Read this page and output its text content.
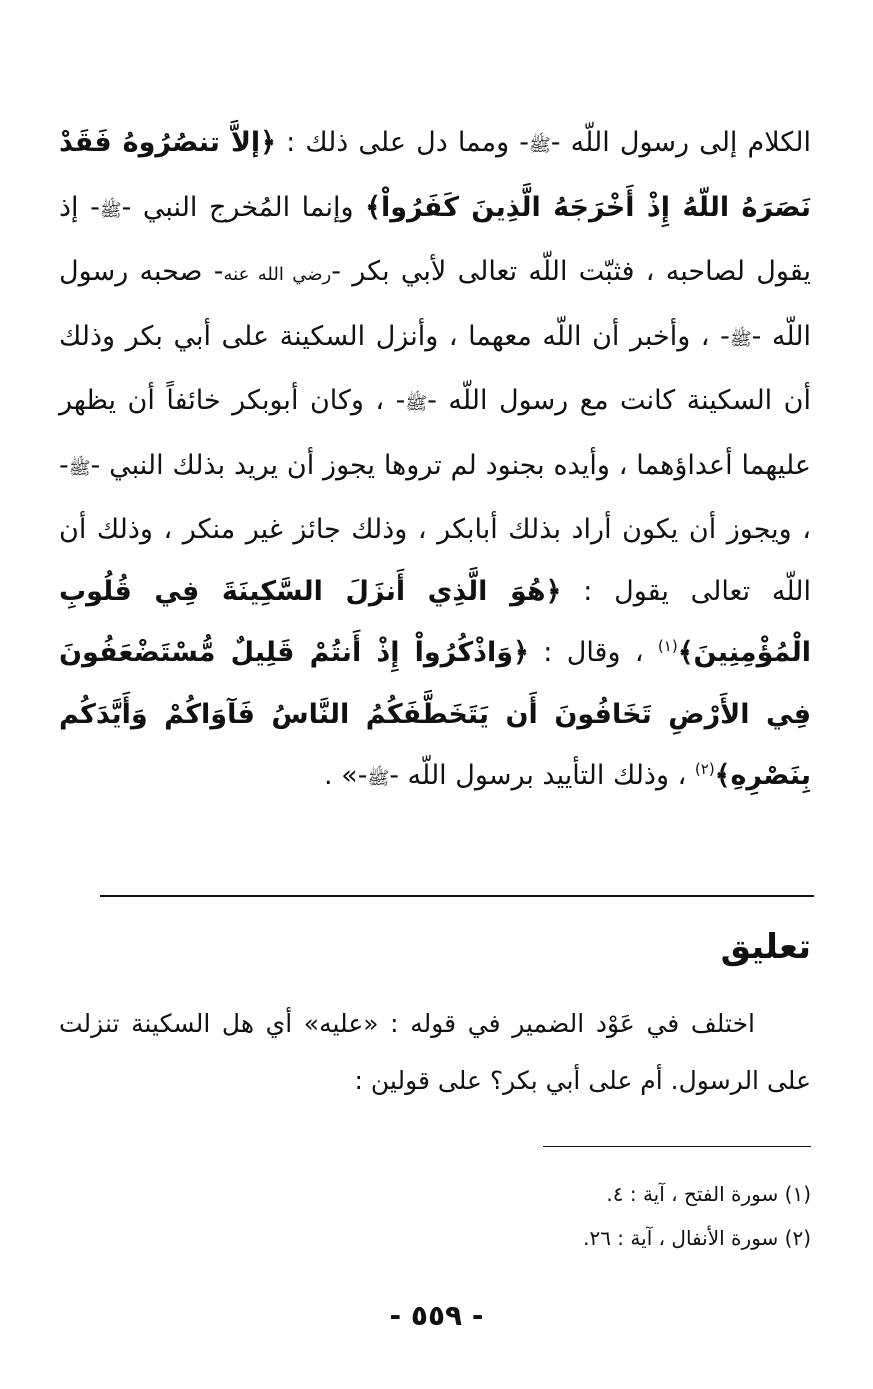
الكلام إلى رسول اللّه -ﷺ- ومما دل على ذلك : ﴿إلاَّ تنصُرُوهُ فَقَدْ نَصَرَهُ اللّهُ إِذْ أَخْرَجَهُ الَّذِينَ كَفَرُواْ﴾ وإنما المُخرج النبي -ﷺ- إذ يقول لصاحبه ، فثبّت اللّه تعالى لأبي بكر -رضي الله عنه- صحبه رسول اللّه -ﷺ- ، وأخبر أن اللّه معهما ، وأنزل السكينة على أبي بكر وذلك أن السكينة كانت مع رسول اللّه -ﷺ- ، وكان أبوبكر خائفاً أن يظهر عليهما أعداؤهما ، وأيده بجنود لم تروها يجوز أن يريد بذلك النبي -ﷺ- ، ويجوز أن يكون أراد بذلك أبابكر ، وذلك جائز غير منكر ، وذلك أن اللّه تعالى يقول : ﴿هُوَ الَّذِي أَنزَلَ السَّكِينَةَ فِي قُلُوبِ الْمُؤْمِنِينَ﴾$^{(١)}$ ، وقال : ﴿وَاذْكُرُواْ إِذْ أَنتُمْ قَلِيلٌ مُّسْتَضْعَفُونَ فِي الأَرْضِ تَخَافُونَ أَن يَتَخَطَّفَكُمُ النَّاسُ فَآوَاكُمْ وَأَيَّدَكُم بِنَصْرِهِ﴾$^{(٢)}$ ، وذلك التأييد برسول اللّه -ﷺ-» .

تعليق

اختلف في عَوْد الضمير في قوله : «عليه» أي هل السكينة تنزلت على الرسول. أم على أبي بكر؟ على قولين :

(١) سورة الفتح ، آية : ٤.
(٢) سورة الأنفال ، آية : ٢٦.
- ٥٥٩ -
